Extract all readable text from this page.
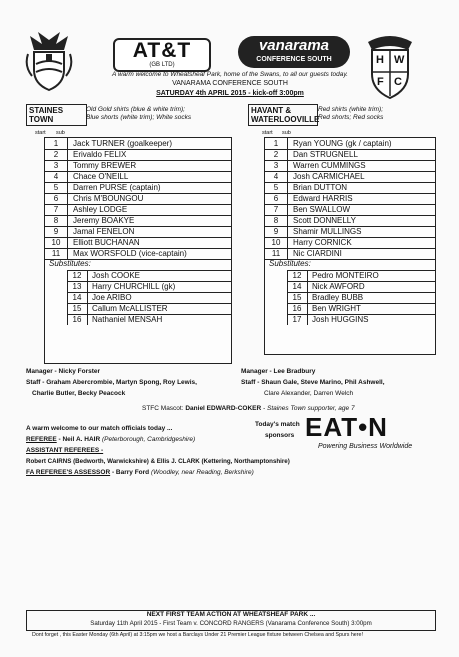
AT&T
(GB LTD)
vanarama
CONFERENCE SOUTH	H W
F C
A warm welcome to Wheatsheaf Park, home of the Swans, to all our guests today.
VANARAMA CONFERENCE SOUTH
SATURDAY 4th APRIL 2015 - kick-off 3:00pm
STAINES
TOWN
Old Gold shirts (blue & white trim);
Blue shorts (white trim); White socks
start sub
1	Jack TURNER (goalkeeper)
2	Erivaldo FELIX
3	Tommy BREWER
4	Chace O'NEILL
5	Darren PURSE (captain)
6	Chris M'BOUNGOU
7	Ashley LODGE
8	Jeremy BOAKYE
9	Jamal FENELON
10	Elliott BUCHANAN
11	Max WORSFOLD (vice-captain)
Substitutes:
12	Josh COOKE
13	Harry CHURCHILL (gk)
14	Joe ARIBO
15	Callum McALLISTER
16	Nathaniel MENSAH
HAVANT &
WATERLOOVILLE
Red shirts (white trim);
Red shorts; Red socks
start sub
1	Ryan YOUNG (gk / captain)
2	Dan STRUGNELL
3	Warren CUMMINGS
4	Josh CARMICHAEL
5	Brian DUTTON
6	Edward HARRIS
7	Ben SWALLOW
8	Scott DONNELLY
9	Shamir MULLINGS
10	Harry CORNICK
11	Nic CIARDINI
Substitutes:
12	Pedro MONTEIRO
14	Nick AWFORD
15	Bradley BUBB
16	Ben WRIGHT
17	Josh HUGGINS
Manager - Nicky Forster
Staff - Graham Abercrombie, Martyn Spong, Roy Lewis,
Charlie Butler, Becky Peacock
Manager - Lee Bradbury
Staff - Shaun Gale, Steve Marino, Phil Ashwell,
Clare Alexander, Darren Welch
STFC Mascot: Daniel EDWARD-COKER - Staines Town supporter, age 7
A warm welcome to our match officials today ...
REFEREE - Neil A. HAIR (Peterborough, Cambridgeshire)
ASSISTANT REFEREES -
Robert CAIRNS (Bedworth, Warwickshire) & Ellis J. CLARK (Kettering, Northamptonshire)
FA REFEREE'S ASSESSOR - Barry Ford (Woodley, near Reading, Berkshire)
Today's match
sponsors EAT•N
Powering Business Worldwide
NEXT FIRST TEAM ACTION AT WHEATSHEAF PARK ...
Saturday 11th April 2015 - First Team v. CONCORD RANGERS (Vanarama Conference South) 3:00pm
Dont forget , this Easter Monday (6th April) at 3:15pm we host a Barclays Under 21 Premier League fixture between Chelsea and Spurs here!
